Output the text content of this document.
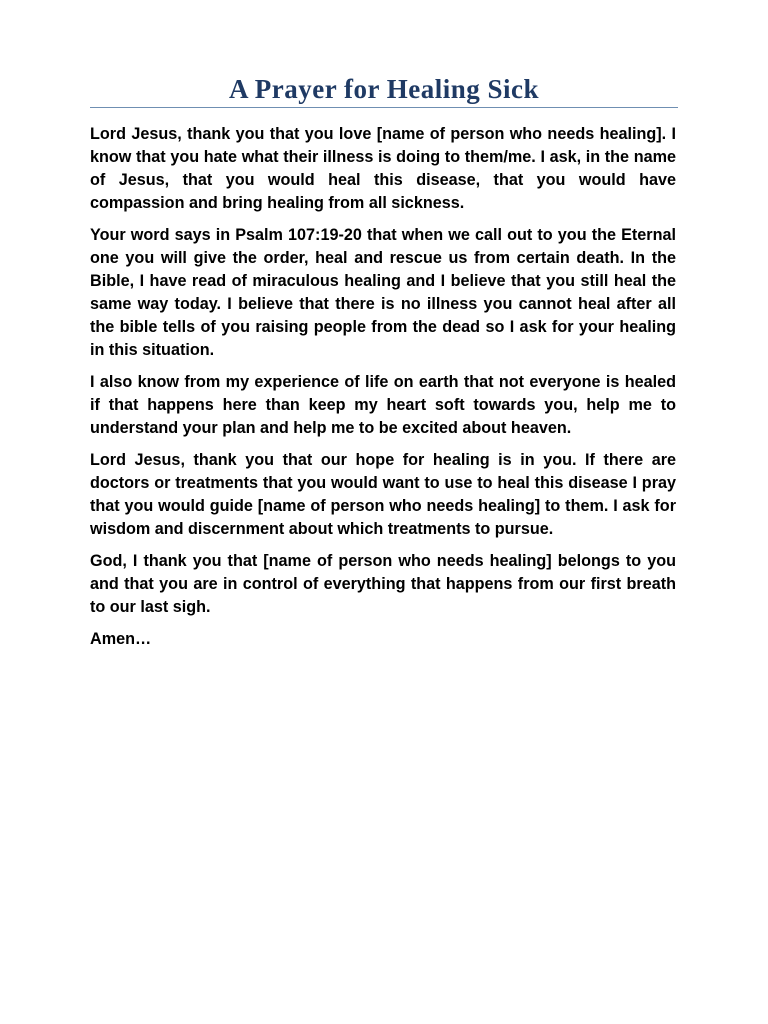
A Prayer for Healing Sick

Lord Jesus, thank you that you love [name of person who needs healing]. I know that you hate what their illness is doing to them/me. I ask, in the name of Jesus, that you would heal this disease, that you would have compassion and bring healing from all sickness.

Your word says in Psalm 107:19-20 that when we call out to you the Eternal one you will give the order, heal and rescue us from certain death. In the Bible, I have read of miraculous healing and I believe that you still heal the same way today. I believe that there is no illness you cannot heal after all the bible tells of you raising people from the dead so I ask for your healing in this situation.

I also know from my experience of life on earth that not everyone is healed if that happens here than keep my heart soft towards you, help me to understand your plan and help me to be excited about heaven.

Lord Jesus, thank you that our hope for healing is in you. If there are doctors or treatments that you would want to use to heal this disease I pray that you would guide [name of person who needs healing] to them. I ask for wisdom and discernment about which treatments to pursue.

God, I thank you that [name of person who needs healing] belongs to you and that you are in control of everything that happens from our first breath to our last sigh.

Amen…
